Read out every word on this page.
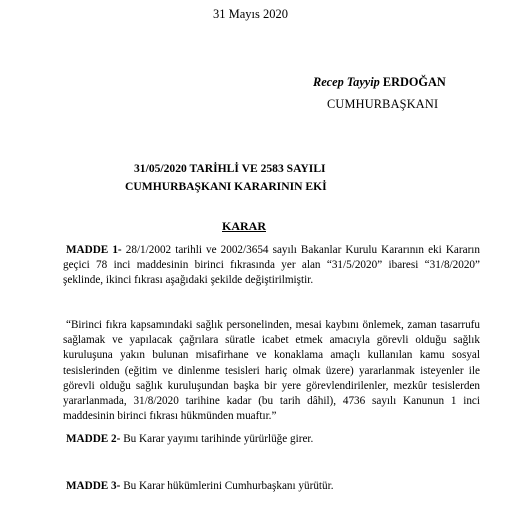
31 Mayıs 2020
Recep Tayyip ERDOĞAN
CUMHURBAŞKANI
31/05/2020 TARİHLİ VE 2583 SAYILI
CUMHURBAŞKANI KARARININ EKİ
KARAR
MADDE 1- 28/1/2002 tarihli ve 2002/3654 sayılı Bakanlar Kurulu Kararının eki Kararın geçici 78 inci maddesinin birinci fıkrasında yer alan “31/5/2020” ibaresi “31/8/2020” şeklinde, ikinci fıkrası aşağıdaki şekilde değiştirilmiştir.
“Birinci fıkra kapsamındaki sağlık personelinden, mesai kaybını önlemek, zaman tasarrufu sağlamak ve yapılacak çağrılara süratle icabet etmek amacıyla görevli olduğu sağlık kuruluşuna yakın bulunan misafirhane ve konaklama amaçlı kullanılan kamu sosyal tesislerinden (eğitim ve dinlenme tesisleri hariç olmak üzere) yararlanmak isteyenler ile görevli olduğu sağlık kuruluşundan başka bir yere görevlendirilenler, mezkûr tesislerden yararlanmada, 31/8/2020 tarihine kadar (bu tarih dâhil), 4736 sayılı Kanunun 1 inci maddesinin birinci fıkrası hükmünden muaftır.”
MADDE 2- Bu Karar yayımı tarihinde yürürlüğe girer.
MADDE 3- Bu Karar hükümlerini Cumhurbaşkanı yürütür.
